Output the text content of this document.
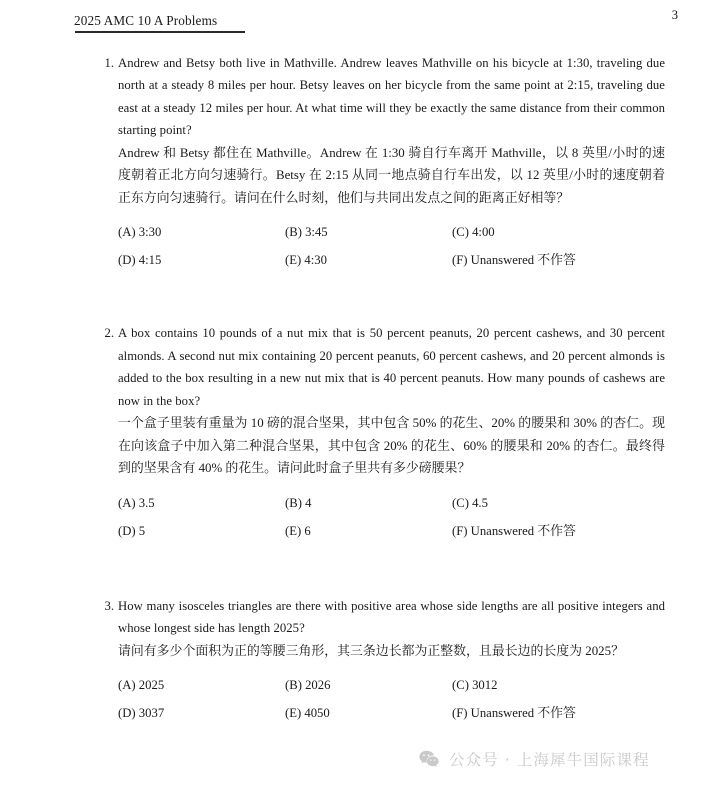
2025 AMC 10 A Problems	3
1. Andrew and Betsy both live in Mathville. Andrew leaves Mathville on his bicycle at 1:30, traveling due north at a steady 8 miles per hour. Betsy leaves on her bicycle from the same point at 2:15, traveling due east at a steady 12 miles per hour. At what time will they be exactly the same distance from their common starting point?
Andrew 和 Betsy 都住在 Mathville。Andrew 在 1:30 骑自行车离开 Mathville，以 8 英里/小时的速度朝着正北方向匀速骑行。Betsy 在 2:15 从同一地点骑自行车出发，以 12 英里/小时的速度朝着正东方向匀速骑行。请问在什么时刻，他们与共同出发点之间的距离正好相等？
(A) 3:30	(B) 3:45	(C) 4:00
(D) 4:15	(E) 4:30	(F) Unanswered 不作答
2. A box contains 10 pounds of a nut mix that is 50 percent peanuts, 20 percent cashews, and 30 percent almonds. A second nut mix containing 20 percent peanuts, 60 percent cashews, and 20 percent almonds is added to the box resulting in a new nut mix that is 40 percent peanuts. How many pounds of cashews are now in the box?
一个盒子里装有重量为 10 磅的混合坚果，其中包含 50% 的花生、20% 的腰果和 30% 的杏仁。现在向该盒子中加入第二种混合坚果，其中包含 20% 的花生、60% 的腰果和 20% 的杏仁。最终得到的坚果含有 40% 的花生。请问此时盒子里共有多少磅腰果？
(A) 3.5	(B) 4	(C) 4.5
(D) 5	(E) 6	(F) Unanswered 不作答
3. How many isosceles triangles are there with positive area whose side lengths are all positive integers and whose longest side has length 2025?
请问有多少个面积为正的等腰三角形，其三条边长都为正整数，且最长边的长度为 2025？
(A) 2025	(B) 2026	(C) 3012
(D) 3037	(E) 4050	(F) Unanswered 不作答
公众号 · 上海犀牛国际课程
